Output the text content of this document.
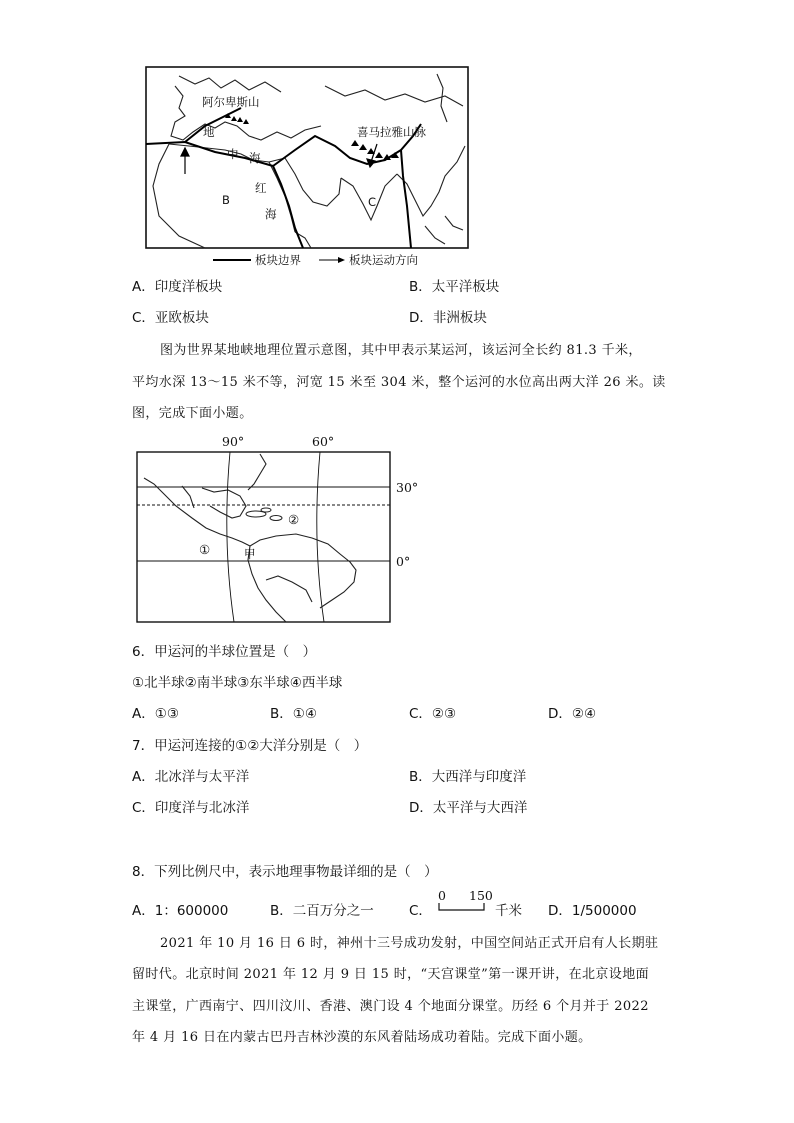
阿尔卑斯山
喜马拉雅山脉
地
中 海
红
海
B	C
板块边界	板块运动方向
A．印度洋板块	B．太平洋板块
C．亚欧板块	D．非洲板块
图为世界某地峡地理位置示意图，其中甲表示某运河，该运河全长约 81.3 千米，
平均水深 13～15 米不等，河宽 15 米至 304 米，整个运河的水位高出两大洋 26 米。读
图，完成下面小题。
90°	60°
30°
0°
①
②
甲
6．甲运河的半球位置是（　）
①北半球②南半球③东半球④西半球
A．①③	B．①④	C．②③	D．②④
7．甲运河连接的①②大洋分别是（　）
A．北冰洋与太平洋	B．大西洋与印度洋
C．印度洋与北冰洋	D．太平洋与大西洋
8．下列比例尺中，表示地理事物最详细的是（　）
A．1：600000	B．二百万分之一	C．
0 150
千米 D．1/500000
2021 年 10 月 16 日 6 时，神州十三号成功发射，中国空间站正式开启有人长期驻
留时代。北京时间 2021 年 12 月 9 日 15 时，“天宫课堂”第一课开讲，在北京设地面
主课堂，广西南宁、四川汶川、香港、澳门设 4 个地面分课堂。历经 6 个月并于 2022
年 4 月 16 日在内蒙古巴丹吉林沙漠的东风着陆场成功着陆。完成下面小题。
